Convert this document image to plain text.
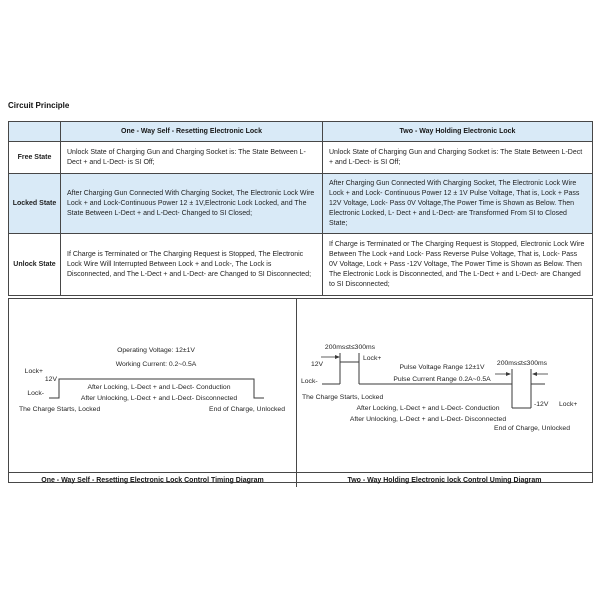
Circuit Principle
	One - Way Self - Resetting Electronic Lock	Two - Way Holding Electronic Lock
Free State	Unlock State of Charging Gun and Charging Socket is: The State Between L-Dect + and L-Dect- is SI Off;	Unlock State of Charging Gun and Charging Socket is: The State Between L-Dect + and L-Dect- is SI Off;
Locked State	After Charging Gun Connected With Charging Socket, The Electronic Lock Wire Lock + and Lock-Continuous Power 12 ± 1V,Electronic Lock Locked, and The State Between L-Dect + and L-Dect- Changed to SI Closed;	After Charging Gun Connected With Charging Socket, The Electronic Lock Wire Lock + and Lock- Continuous Power 12 ± 1V Pulse Voltage, That is, Lock + Pass 12V Voltage, Lock- Pass 0V Voltage,The Power Time is Shown as Below. Then Electronic Locked, L- Dect + and L-Dect- are Transformed From SI to Closed State;
Unlock State	If Charge is Terminated or The Charging Request is Stopped, The Electronic Lock Wire Will Interrupted Between Lock + and Lock-, The Lock is Disconnected, and The L-Dect + and L-Dect- are Changed to SI Disconnected;	If Charge is Terminated or The Charging Request is Stopped, Electronic Lock Wire Between The Lock +and Lock- Pass Reverse Pulse Voltage, That is, Lock- Pass 0V Voltage, Lock + Pass -12V Voltage, The Power Time is Shown as Below. Then The Electronic Lock is Disconnected, and The L-Dect + and L-Dect- are Changed to SI Disconnected;
Operating Voltage: 12±1V
Working Current: 0.2~0.5A
Lock+
12V
Lock-
After Locking, L-Dect + and L-Dect- Conduction
After Unlocking, L-Dect + and L-Dect- Disconnected
The Charge Starts, Locked	End of Charge, Unlocked
200ms≤t≤300ms
12V
Lock+
Lock-
Pulse Voltage Range 12±1V
Pulse Current Range 0.2A~0.5A
200ms≤t≤300ms
-12V Lock+
The Charge Starts, Locked
After Locking, L-Dect + and L-Dect- Conduction
After Unlocking, L-Dect + and L-Dect- Disconnected
End of Charge, Unlocked
One - Way Self - Resetting Electronic Lock Control Timing Diagram	Two - Way Holding Electronic lock Control Uming Diagram
